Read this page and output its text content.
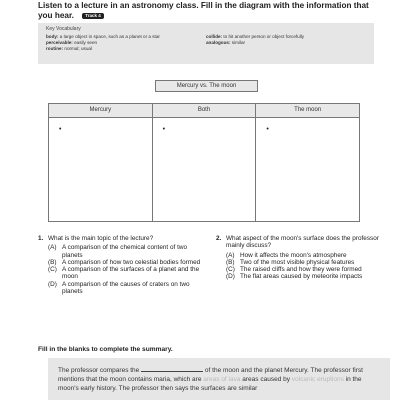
Listen to a lecture in an astronomy class. Fill in the diagram with the information that you hear.	Track 4
Key Vocabulary
body: a large object in space, such as a planet or a star
perceivable: easily seen
routine: normal; usual
collide: to hit another person or object forcefully
analogous: similar
Mercury vs. The moon
Mercury
•
Both
•
The moon
•
1. What is the main topic of the lecture?
(A) A comparison of the chemical content of two planets
(B) A comparison of how two celestial bodies formed
(C) A comparison of the surfaces of a planet and the moon
(D) A comparison of the causes of craters on two planets
2. What aspect of the moon's surface does the professor mainly discuss?
(A) How it affects the moon's atmosphere
(B) Two of the most visible physical features
(C) The raised cliffs and how they were formed
(D) The flat areas caused by meteorite impacts
Fill in the blanks to complete the summary.
The professor compares the	of the moon and the planet Mercury. The professor first mentions that the moon contains maria, which are areas of lava areas caused by volcanic eruptions in the moon's early history. The professor then says the surfaces are similar
